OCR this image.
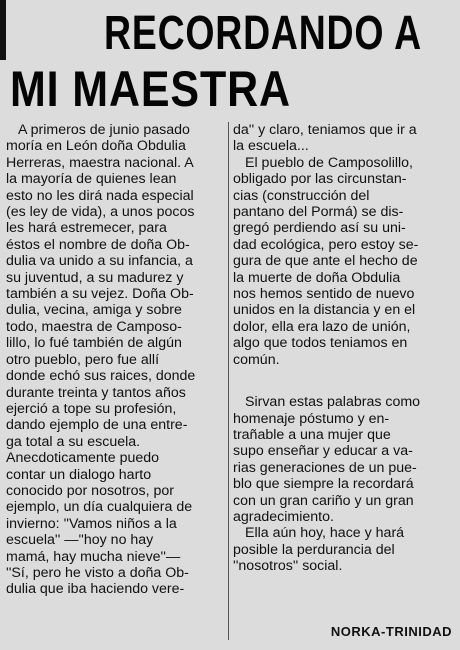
RECORDANDO A
MI MAESTRA
A primeros de junio pasado
moría en León doña Obdulia
Herreras, maestra nacional. A
la mayoría de quienes lean
esto no les dirá nada especial
(es ley de vida), a unos pocos
les hará estremecer, para
éstos el nombre de doña Ob-
dulia va unido a su infancia, a
su juventud, a su madurez y
también a su vejez. Doña Ob-
dulia, vecina, amiga y sobre
todo, maestra de Camposo-
lillo, lo fué también de algún
otro pueblo, pero fue allí
donde echó sus raices, donde
durante treinta y tantos años
ejerció a tope su profesión,
dando ejemplo de una entre-
ga total a su escuela.
Anecdoticamente puedo
contar un dialogo harto
conocido por nosotros, por
ejemplo, un día cualquiera de
invierno: ''Vamos niños a la
escuela'' —''hoy no hay
mamá, hay mucha nieve''—
''Sí, pero he visto a doña Ob-
dulia que iba haciendo vere-
da'' y claro, teniamos que ir a
la escuela...
El pueblo de Camposolillo,
obligado por las circunstan-
cias (construcción del
pantano del Pormá) se dis-
gregó perdiendo así su uni-
dad ecológica, pero estoy se-
gura de que ante el hecho de
la muerte de doña Obdulia
nos hemos sentido de nuevo
unidos en la distancia y en el
dolor, ella era lazo de unión,
algo que todos teniamos en
común.
Sirvan estas palabras como
homenaje póstumo y en-
trañable a una mujer que
supo enseñar y educar a va-
rias generaciones de un pue-
blo que siempre la recordará
con un gran cariño y un gran
agradecimiento.
Ella aún hoy, hace y hará
posible la perdurancia del
''nosotros'' social.
NORKA-TRINIDAD
